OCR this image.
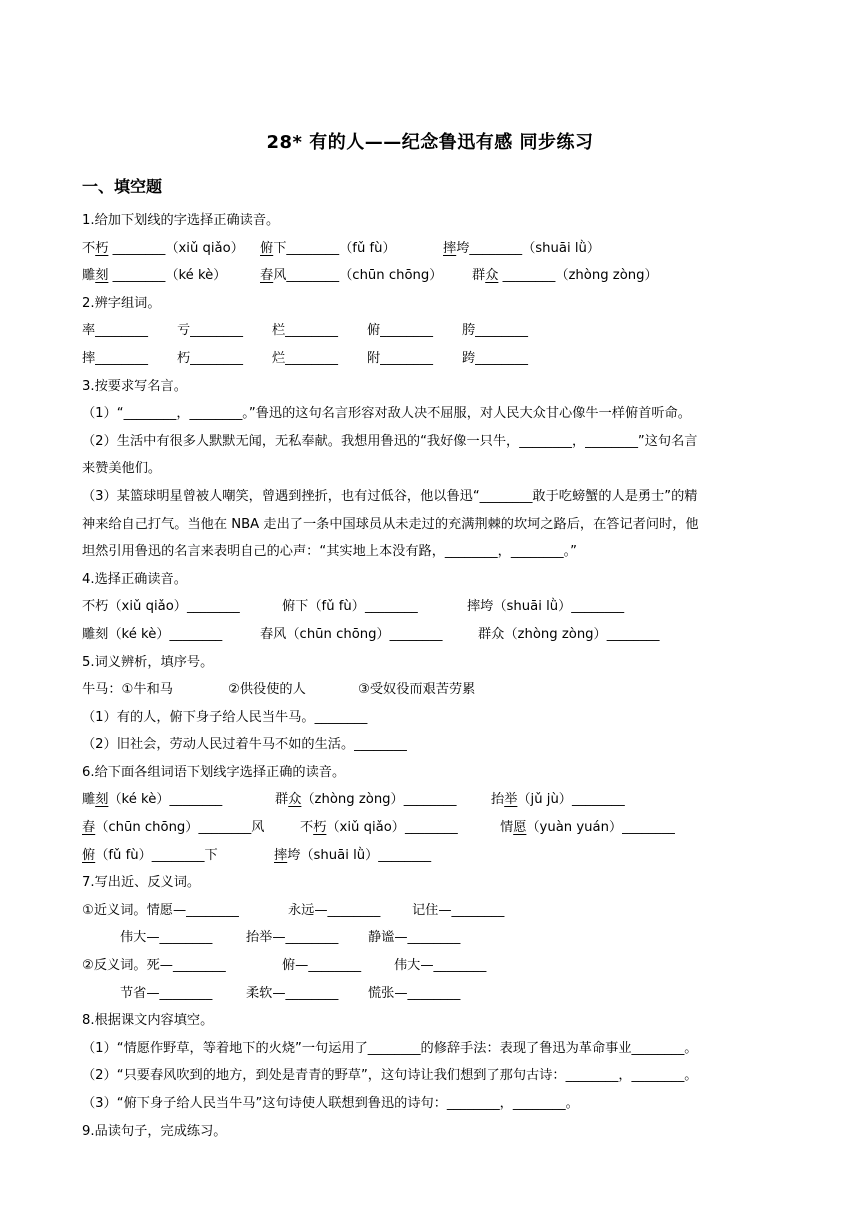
28* 有的人——纪念鲁迅有感 同步练习
一、填空题
1.给加下划线的字选择正确读音。
不朽 ________（xiǔ qiǎo） 俯下________（fǔ fù）	摔垮________（shuāi lǜ）
雕刻 ________（ké kè）	春风________（chūn chōng） 群众 ________（zhòng zòng）
2.辨字组词。
率________ 亏________ 栏________ 俯________ 胯________
摔________ 朽________ 烂________ 附________ 跨________
3.按要求写名言。
（1）“________，________。”鲁迅的这句名言形容对敌人决不屈服，对人民大众甘心像牛一样俯首听命。
（2）生活中有很多人默默无闻，无私奉献。我想用鲁迅的“我好像一只牛，________，________”这句名言
来赞美他们。
（3）某篮球明星曾被人嘲笑，曾遇到挫折，也有过低谷，他以鲁迅“________敢于吃螃蟹的人是勇士”的精
神来给自己打气。当他在 NBA 走出了一条中国球员从未走过的充满荆棘的坎坷之路后，在答记者问时，他
坦然引用鲁迅的名言来表明自己的心声：“其实地上本没有路，________，________。”
4.选择正确读音。
不朽（xiǔ qiǎo）________	俯下（fǔ fù）________	摔垮（shuāi lǜ）________
雕刻（ké kè）________	春风（chūn chōng）________	群众（zhòng zòng）________
5.词义辨析，填序号。
牛马：①牛和马	②供役使的人	③受奴役而艰苦劳累
（1）有的人，俯下身子给人民当牛马。________
（2）旧社会，劳动人民过着牛马不如的生活。________
6.给下面各组词语下划线字选择正确的读音。
雕刻（ké kè）________	群众（zhòng zòng）________	抬举（jǔ jù）________
春（chūn chōng）________风	不朽（xiǔ qiǎo）________	情愿（yuàn yuán）________
俯（fǔ fù）________下	摔垮（shuāi lǜ）________
7.写出近、反义词。
①近义词。情愿—________	永远—________ 记住—________
伟大—________	抬举—________ 静谧—________
②反义词。死—________	俯—________ 伟大—________
节省—________	柔软—________ 慌张—________
8.根据课文内容填空。
（1）“情愿作野草，等着地下的火烧”一句运用了________的修辞手法：表现了鲁迅为革命事业________。
（2）“只要春风吹到的地方，到处是青青的野草”，这句诗让我们想到了那句古诗：________，________。
（3）“俯下身子给人民当牛马”这句诗使人联想到鲁迅的诗句：________，________。
9.品读句子，完成练习。
